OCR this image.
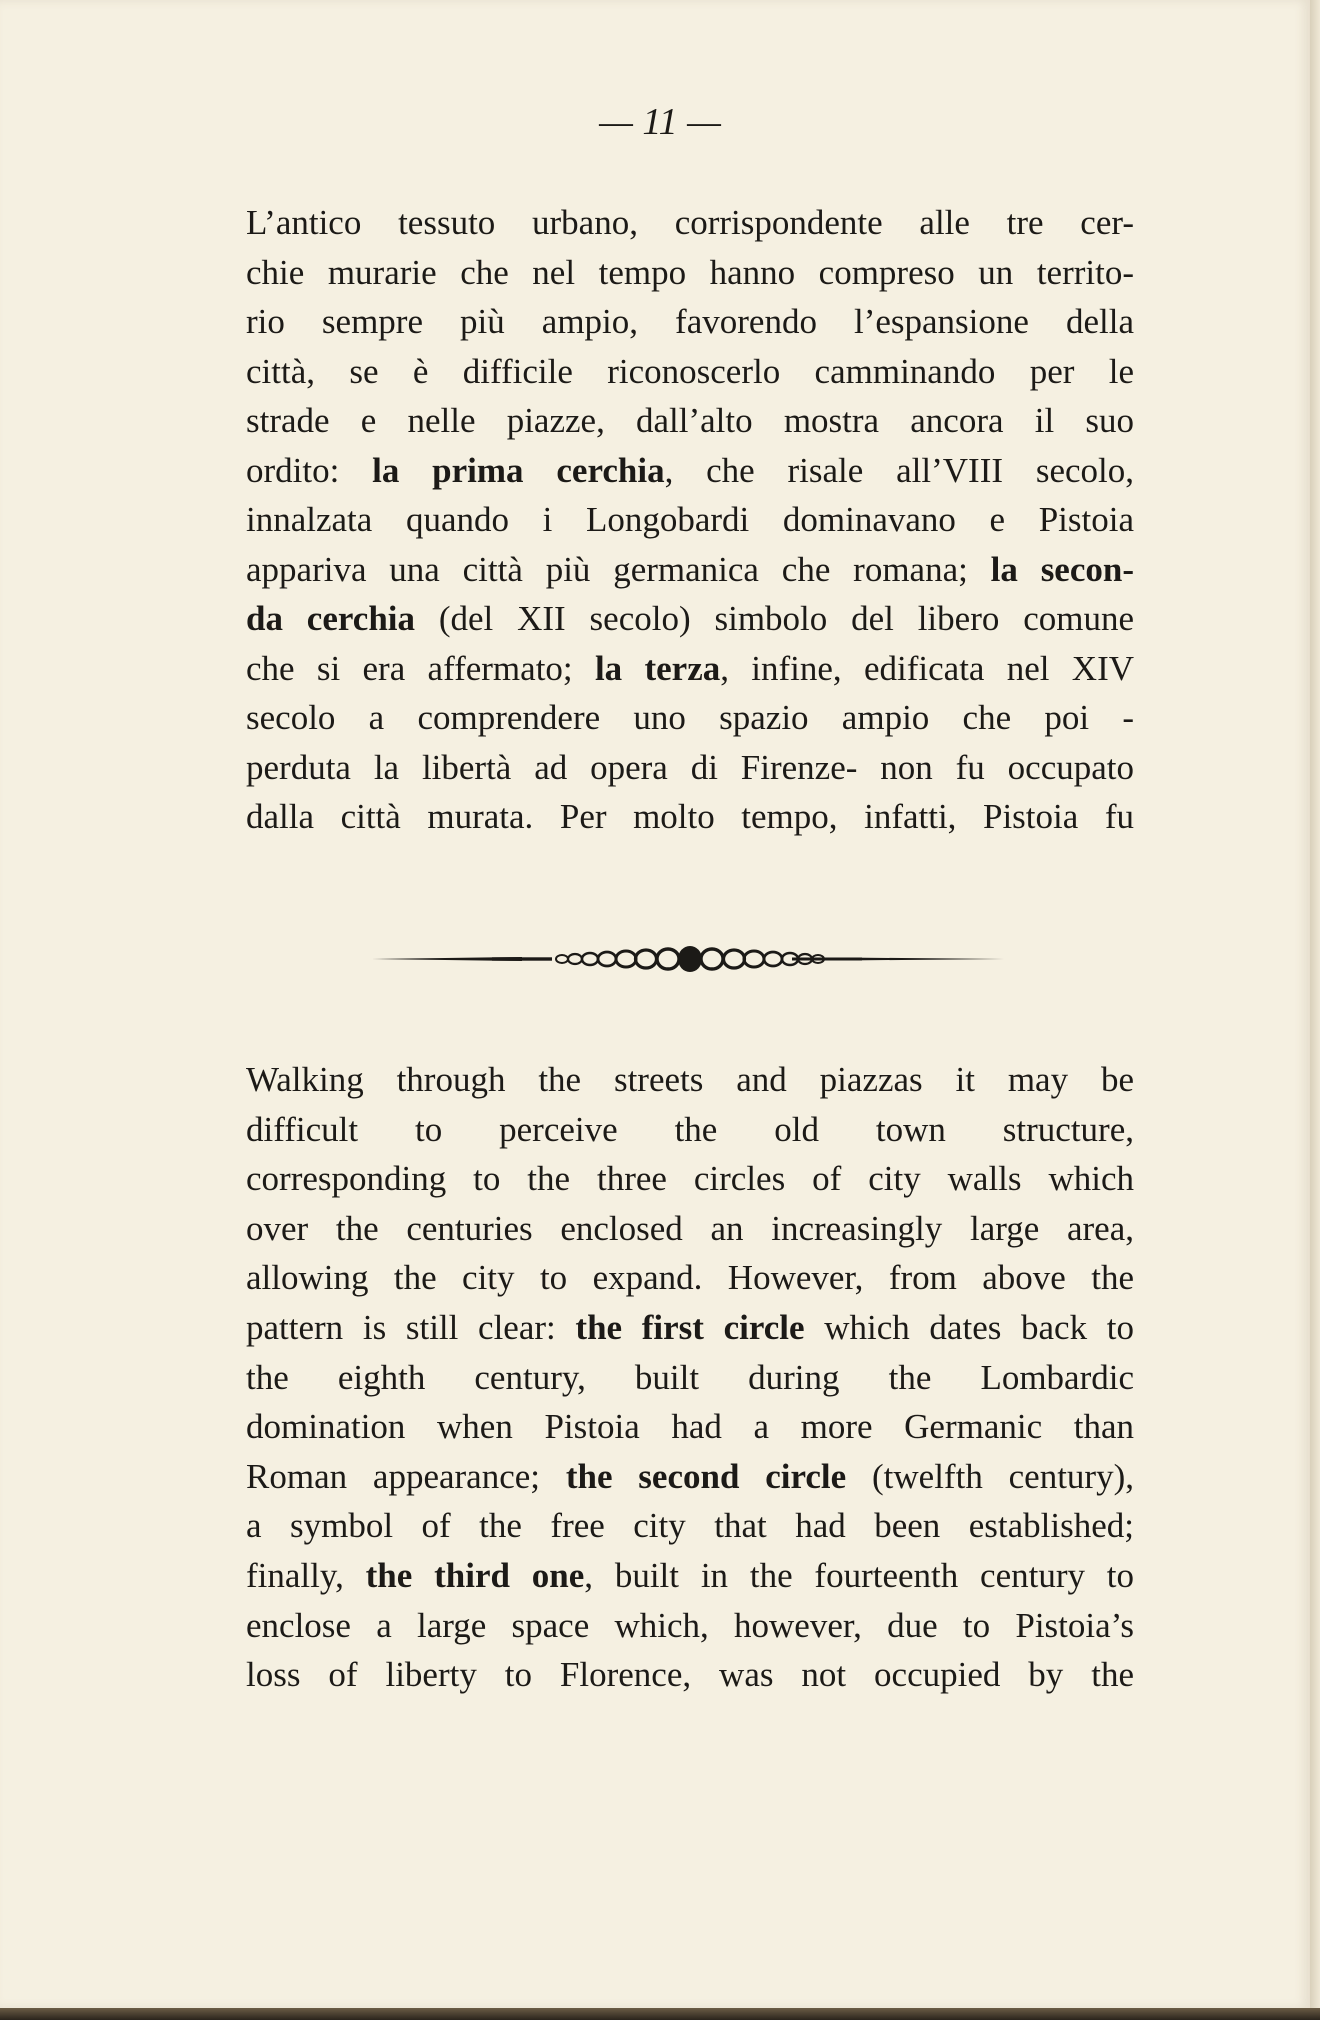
— 11 —
L’antico tessuto urbano, corrispondente alle tre cer-
chie murarie che nel tempo hanno compreso un territo-
rio sempre più ampio, favorendo l’espansione della
città, se è difficile riconoscerlo camminando per le
strade e nelle piazze, dall’alto mostra ancora il suo
ordito: la prima cerchia, che risale all’VIII secolo,
innalzata quando i Longobardi dominavano e Pistoia
appariva una città più germanica che romana; la secon-
da cerchia (del XII secolo) simbolo del libero comune
che si era affermato; la terza, infine, edificata nel XIV
secolo a comprendere uno spazio ampio che poi -
perduta la libertà ad opera di Firenze- non fu occupato
dalla città murata. Per molto tempo, infatti, Pistoia fu
Walking through the streets and piazzas it may be
difficult to perceive the old town structure,
corresponding to the three circles of city walls which
over the centuries enclosed an increasingly large area,
allowing the city to expand. However, from above the
pattern is still clear: the first circle which dates back to
the eighth century, built during the Lombardic
domination when Pistoia had a more Germanic than
Roman appearance; the second circle (twelfth century),
a symbol of the free city that had been established;
finally, the third one, built in the fourteenth century to
enclose a large space which, however, due to Pistoia’s
loss of liberty to Florence, was not occupied by the
